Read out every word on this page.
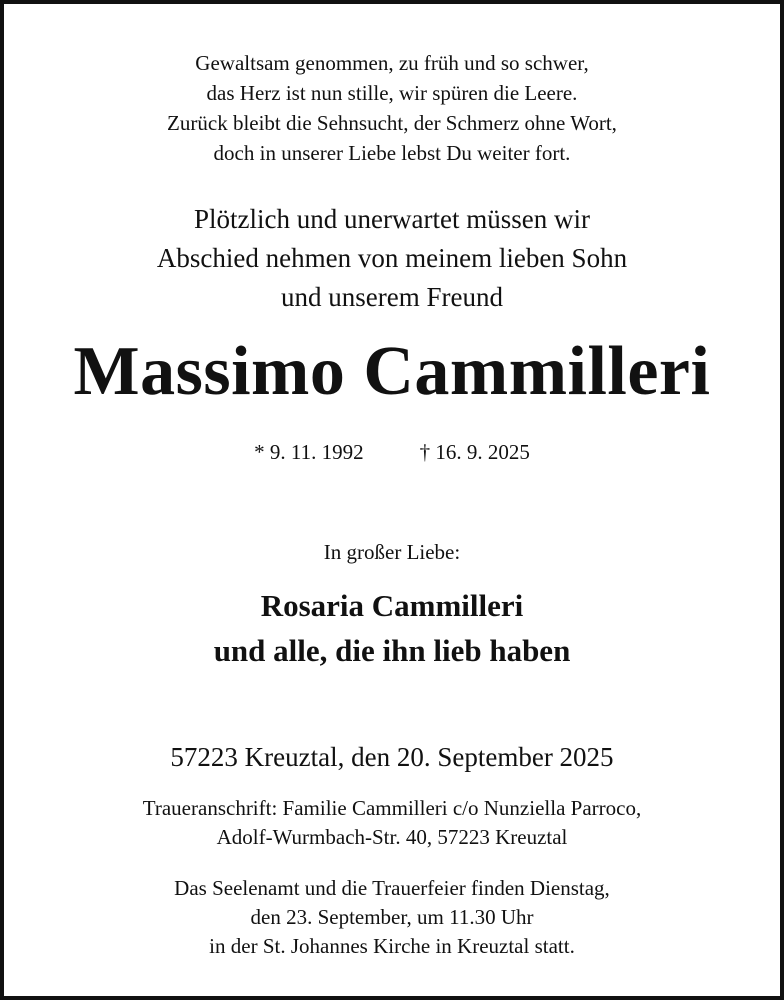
Gewaltsam genommen, zu früh und so schwer,
das Herz ist nun stille, wir spüren die Leere.
Zurück bleibt die Sehnsucht, der Schmerz ohne Wort,
doch in unserer Liebe lebst Du weiter fort.
Plötzlich und unerwartet müssen wir
Abschied nehmen von meinem lieben Sohn
und unserem Freund
Massimo Cammilleri
* 9. 11. 1992	† 16. 9. 2025
In großer Liebe:
Rosaria Cammilleri
und alle, die ihn lieb haben
57223 Kreuztal, den 20. September 2025
Traueranschrift: Familie Cammilleri c/o Nunziella Parroco,
Adolf-Wurmbach-Str. 40, 57223 Kreuztal
Das Seelenamt und die Trauerfeier finden Dienstag,
den 23. September, um 11.30 Uhr
in der St. Johannes Kirche in Kreuztal statt.
